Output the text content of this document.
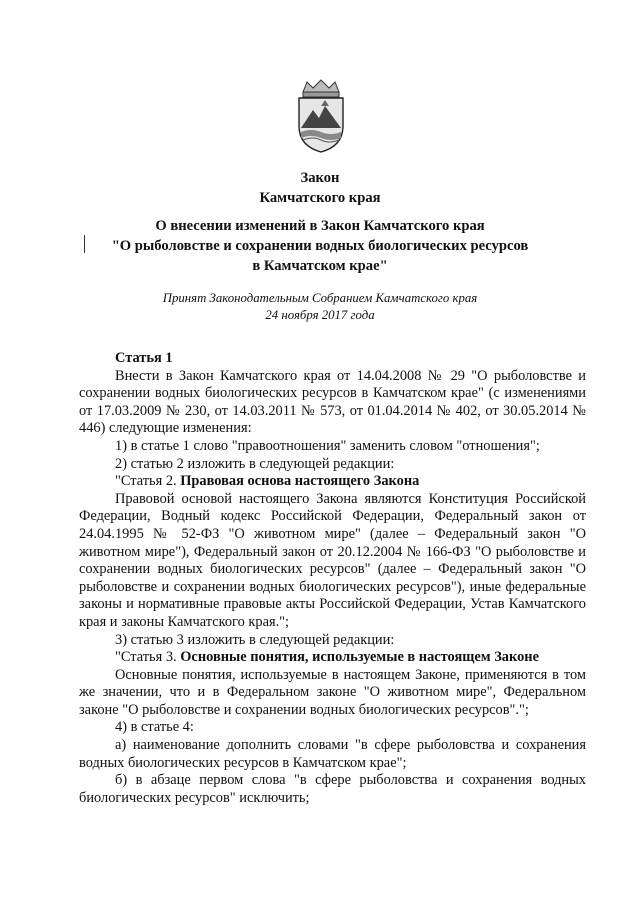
Закон
Камчатского края
О внесении изменений в Закон Камчатского края
"О рыболовстве и сохранении водных биологических ресурсов
в Камчатском крае"
Принят Законодательным Собранием Камчатского края
24 ноября 2017 года

Статья 1

Внести в Закон Камчатского края от 14.04.2008 № 29 "О рыболовстве и сохранении водных биологических ресурсов в Камчатском крае" (с изменениями от 17.03.2009 № 230, от 14.03.2011 № 573, от 01.04.2014 № 402, от 30.05.2014 № 446) следующие изменения:

1) в статье 1 слово "правоотношения" заменить словом "отношения";

2) статью 2 изложить в следующей редакции:

"Статья 2. Правовая основа настоящего Закона

Правовой основой настоящего Закона являются Конституция Российской Федерации, Водный кодекс Российской Федерации, Федеральный закон от 24.04.1995 № 52-ФЗ "О животном мире" (далее – Федеральный закон "О животном мире"), Федеральный закон от 20.12.2004 № 166-ФЗ "О рыболовстве и сохранении водных биологических ресурсов" (далее – Федеральный закон "О рыболовстве и сохранении водных биологических ресурсов"), иные федеральные законы и нормативные правовые акты Российской Федерации, Устав Камчатского края и законы Камчатского края.";

3) статью 3 изложить в следующей редакции:

"Статья 3. Основные понятия, используемые в настоящем Законе

Основные понятия, используемые в настоящем Законе, применяются в том же значении, что и в Федеральном законе "О животном мире", Федеральном законе "О рыболовстве и сохранении водных биологических ресурсов".";

4) в статье 4:

а) наименование дополнить словами "в сфере рыболовства и сохранения водных биологических ресурсов в Камчатском крае";

б) в абзаце первом слова "в сфере рыболовства и сохранения водных биологических ресурсов" исключить;
